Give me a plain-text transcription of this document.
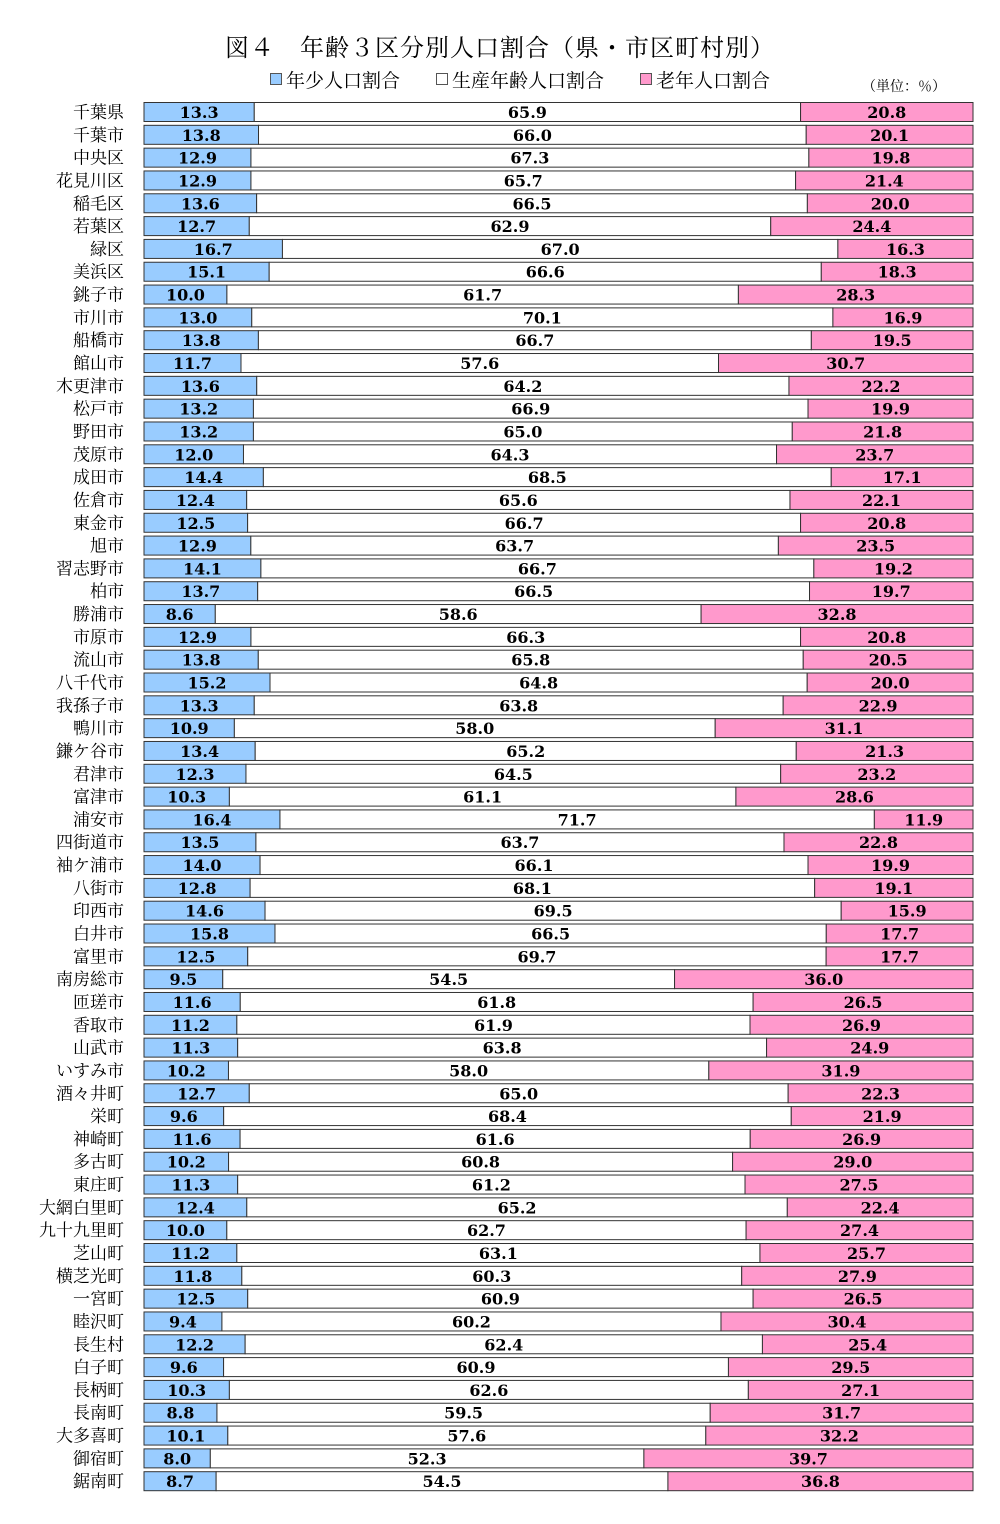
図４　年齢３区分別人口割合（県・市区町村別）
年少人口割合	生産年齢人口割合	老年人口割合	（単位：％）
千葉県	13.3	65.9	20.8
千葉市	13.8	66.0	20.1
中央区	12.9	67.3	19.8
花見川区	12.9	65.7	21.4
稲毛区	13.6	66.5	20.0
若葉区	12.7	62.9	24.4
緑区	16.7	67.0	16.3
美浜区	15.1	66.6	18.3
銚子市	10.0	61.7	28.3
市川市	13.0	70.1	16.9
船橋市	13.8	66.7	19.5
館山市	11.7	57.6	30.7
木更津市	13.6	64.2	22.2
松戸市	13.2	66.9	19.9
野田市	13.2	65.0	21.8
茂原市	12.0	64.3	23.7
成田市	14.4	68.5	17.1
佐倉市	12.4	65.6	22.1
東金市	12.5	66.7	20.8
旭市	12.9	63.7	23.5
習志野市	14.1	66.7	19.2
柏市	13.7	66.5	19.7
勝浦市	8.6	58.6	32.8
市原市	12.9	66.3	20.8
流山市	13.8	65.8	20.5
八千代市	15.2	64.8	20.0
我孫子市	13.3	63.8	22.9
鴨川市	10.9	58.0	31.1
鎌ケ谷市	13.4	65.2	21.3
君津市	12.3	64.5	23.2
富津市	10.3	61.1	28.6
浦安市	16.4	71.7	11.9
四街道市	13.5	63.7	22.8
袖ケ浦市	14.0	66.1	19.9
八街市	12.8	68.1	19.1
印西市	14.6	69.5	15.9
白井市	15.8	66.5	17.7
富里市	12.5	69.7	17.7
南房総市	9.5	54.5	36.0
匝瑳市	11.6	61.8	26.5
香取市	11.2	61.9	26.9
山武市	11.3	63.8	24.9
いすみ市	10.2	58.0	31.9
酒々井町	12.7	65.0	22.3
栄町	9.6	68.4	21.9
神崎町	11.6	61.6	26.9
多古町	10.2	60.8	29.0
東庄町	11.3	61.2	27.5
大網白里町	12.4	65.2	22.4
九十九里町	10.0	62.7	27.4
芝山町	11.2	63.1	25.7
横芝光町	11.8	60.3	27.9
一宮町	12.5	60.9	26.5
睦沢町	9.4	60.2	30.4
長生村	12.2	62.4	25.4
白子町	9.6	60.9	29.5
長柄町	10.3	62.6	27.1
長南町	8.8	59.5	31.7
大多喜町	10.1	57.6	32.2
御宿町 8.0	52.3	39.7
鋸南町	8.7	54.5	36.8
